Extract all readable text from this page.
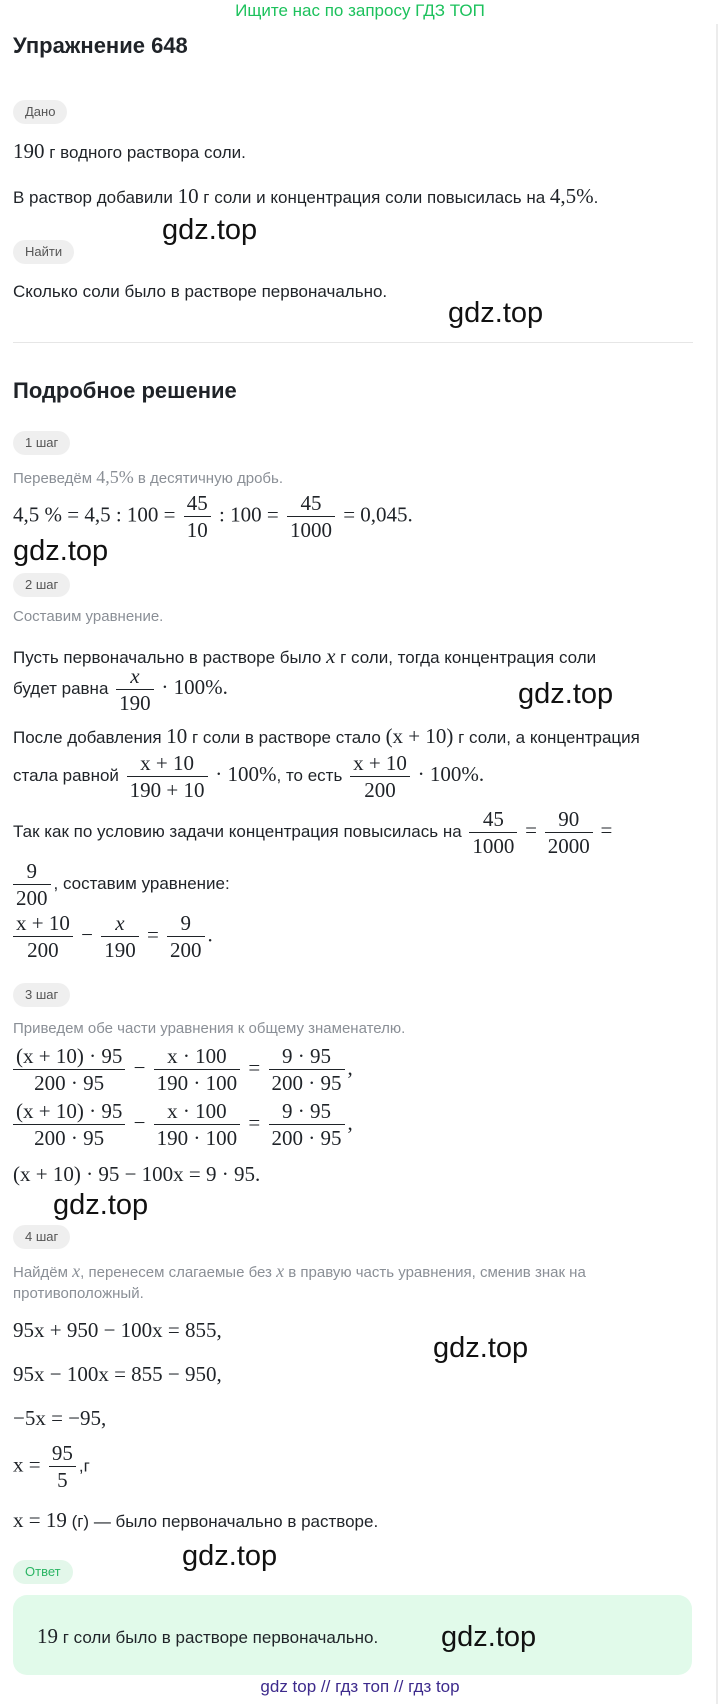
Ищите нас по запросу ГДЗ ТОП
Упражнение 648
Дано
190 г водного раствора соли.
В раствор добавили 10 г соли и концентрация соли повысилась на 4,5%.
gdz.top
Найти
Сколько соли было в растворе первоначально.
gdz.top
Подробное решение
1 шаг
Переведём 4,5% в десятичную дробь.
4,5 % = 4,5 : $100 = \frac{45}{10}$ : $100 = \frac{45}{1000} = 0,045$.
gdz.top
2 шаг
Составим уравнение.
Пусть первоначально в растворе было x г соли, тогда концентрация соли
будет равна $\frac{x}{190} \cdot 100\%$.	gdz.top
После добавления 10 г соли в растворе стало (x + 10) г соли, а концентрация
стала равной $\frac{x + 10}{190 + 10} \cdot 100\%$, то есть $\frac{x + 10}{200} \cdot 100\%$.
Так как по условию задачи концентрация повысилась на $\frac{45}{1000} = \frac{90}{2000}$ =
$\frac{9}{200}$ , составим уравнение:
$\frac{x + 10}{200} - \frac{x}{190} = \frac{9}{200}$ .
3 шаг
Приведем обе части уравнения к общему знаменателю.
$\frac{(x + 10) \cdot 95}{200 \cdot 95} - \frac{x \cdot 100}{190 \cdot 100} = \frac{9 \cdot 95}{200 \cdot 95}$ ,
$\frac{(x + 10) \cdot 95}{200 \cdot 95} - \frac{x \cdot 100}{190 \cdot 100} = \frac{9 \cdot 95}{200 \cdot 95}$ ,
(x + 10) · 95 − 100x = 9 · 95.
gdz.top
4 шаг
Найдём x, перенесем слагаемые без x в правую часть уравнения, сменив знак на
противоположный.
95x + 950 − 100x = 855,
gdz.top
95x − 100x = 855 − 950,
−5x = −95,
$x = \frac{95}{5} ,г$
x = 19 (г) — было первоначально в растворе.
gdz.top
Ответ
19 г соли было в растворе первоначально. gdz.top
gdz top // гдз топ // гдз top
